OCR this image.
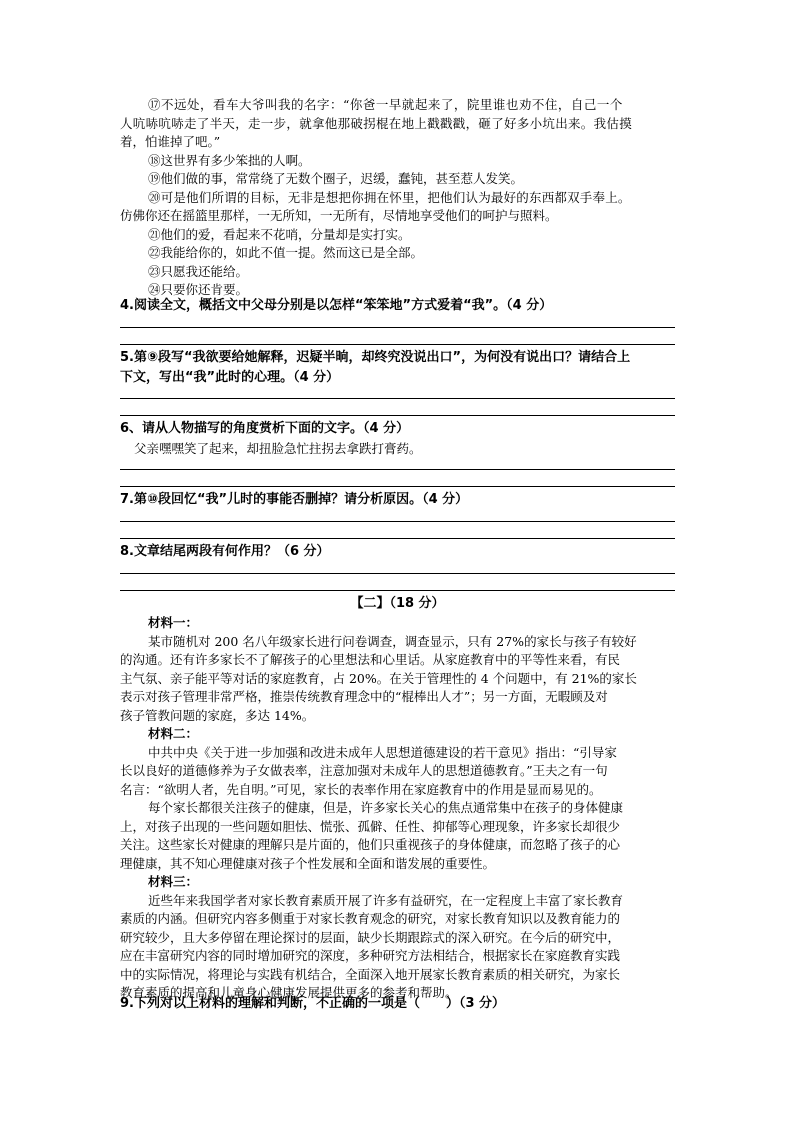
⑰不远处，看车大爷叫我的名字：“你爸一早就起来了，院里谁也劝不住，自己一个

人吭哧吭哧走了半天，走一步，就拿他那破拐棍在地上戳戳戳，砸了好多小坑出来。我估摸

着，怕谁掉了吧。”

⑱这世界有多少笨拙的人啊。

⑲他们做的事，常常绕了无数个圈子，迟缓，蠢钝，甚至惹人发笑。

⑳可是他们所谓的目标，无非是想把你拥在怀里，把他们认为最好的东西都双手奉上。

仿佛你还在摇篮里那样，一无所知，一无所有，尽情地享受他们的呵护与照料。

㉑他们的爱，看起来不花哨，分量却是实打实。

㉒我能给你的，如此不值一提。然而这已是全部。

㉓只愿我还能给。

㉔只要你还肯要。

4.阅读全文，概括文中父母分别是以怎样“笨笨地”方式爱着“我”。（4 分）

5.第⑨段写“我欲要给她解释，迟疑半晌，却终究没说出口”，为何没有说出口？请结合上

下文，写出“我”此时的心理。（4 分）

6、请从人物描写的角度赏析下面的文字。（4 分）

父亲嘿嘿笑了起来，却扭脸急忙拄拐去拿跌打膏药。

7.第⑩段回忆“我”儿时的事能否删掉？请分析原因。（4 分）

8.文章结尾两段有何作用？（6 分）

【二】（18 分）

材料一：

某市随机对 200 名八年级家长进行问卷调查，调查显示，只有 27%的家长与孩子有较好

的沟通。还有许多家长不了解孩子的心里想法和心里话。从家庭教育中的平等性来看，有民

主气氛、亲子能平等对话的家庭教育，占 20%。在关于管理性的 4 个问题中，有 21%的家长

表示对孩子管理非常严格，推崇传统教育理念中的“棍棒出人才”；另一方面，无暇顾及对

孩子管教问题的家庭，多达 14%。

材料二：

中共中央《关于进一步加强和改进未成年人思想道德建设的若干意见》指出：“引导家

长以良好的道德修养为子女做表率，注意加强对未成年人的思想道德教育。”王夫之有一句

名言：“欲明人者，先自明。”可见，家长的表率作用在家庭教育中的作用是显而易见的。

每个家长都很关注孩子的健康，但是，许多家长关心的焦点通常集中在孩子的身体健康

上，对孩子出现的一些问题如胆怯、慌张、孤僻、任性、抑郁等心理现象，许多家长却很少

关注。这些家长对健康的理解只是片面的，他们只重视孩子的身体健康，而忽略了孩子的心

理健康，其不知心理健康对孩子个性发展和全面和谐发展的重要性。

材料三：

近些年来我国学者对家长教育素质开展了许多有益研究，在一定程度上丰富了家长教育

素质的内涵。但研究内容多侧重于对家长教育观念的研究，对家长教育知识以及教育能力的

研究较少，且大多停留在理论探讨的层面，缺少长期跟踪式的深入研究。在今后的研究中，

应在丰富研究内容的同时增加研究的深度，多种研究方法相结合，根据家长在家庭教育实践

中的实际情况，将理论与实践有机结合，全面深入地开展家长教育素质的相关研究，为家长

教育素质的提高和儿童身心健康发展提供更多的参考和帮助。

9.下列对以上材料的理解和判断，不正确的一项是（　　）（3 分）
